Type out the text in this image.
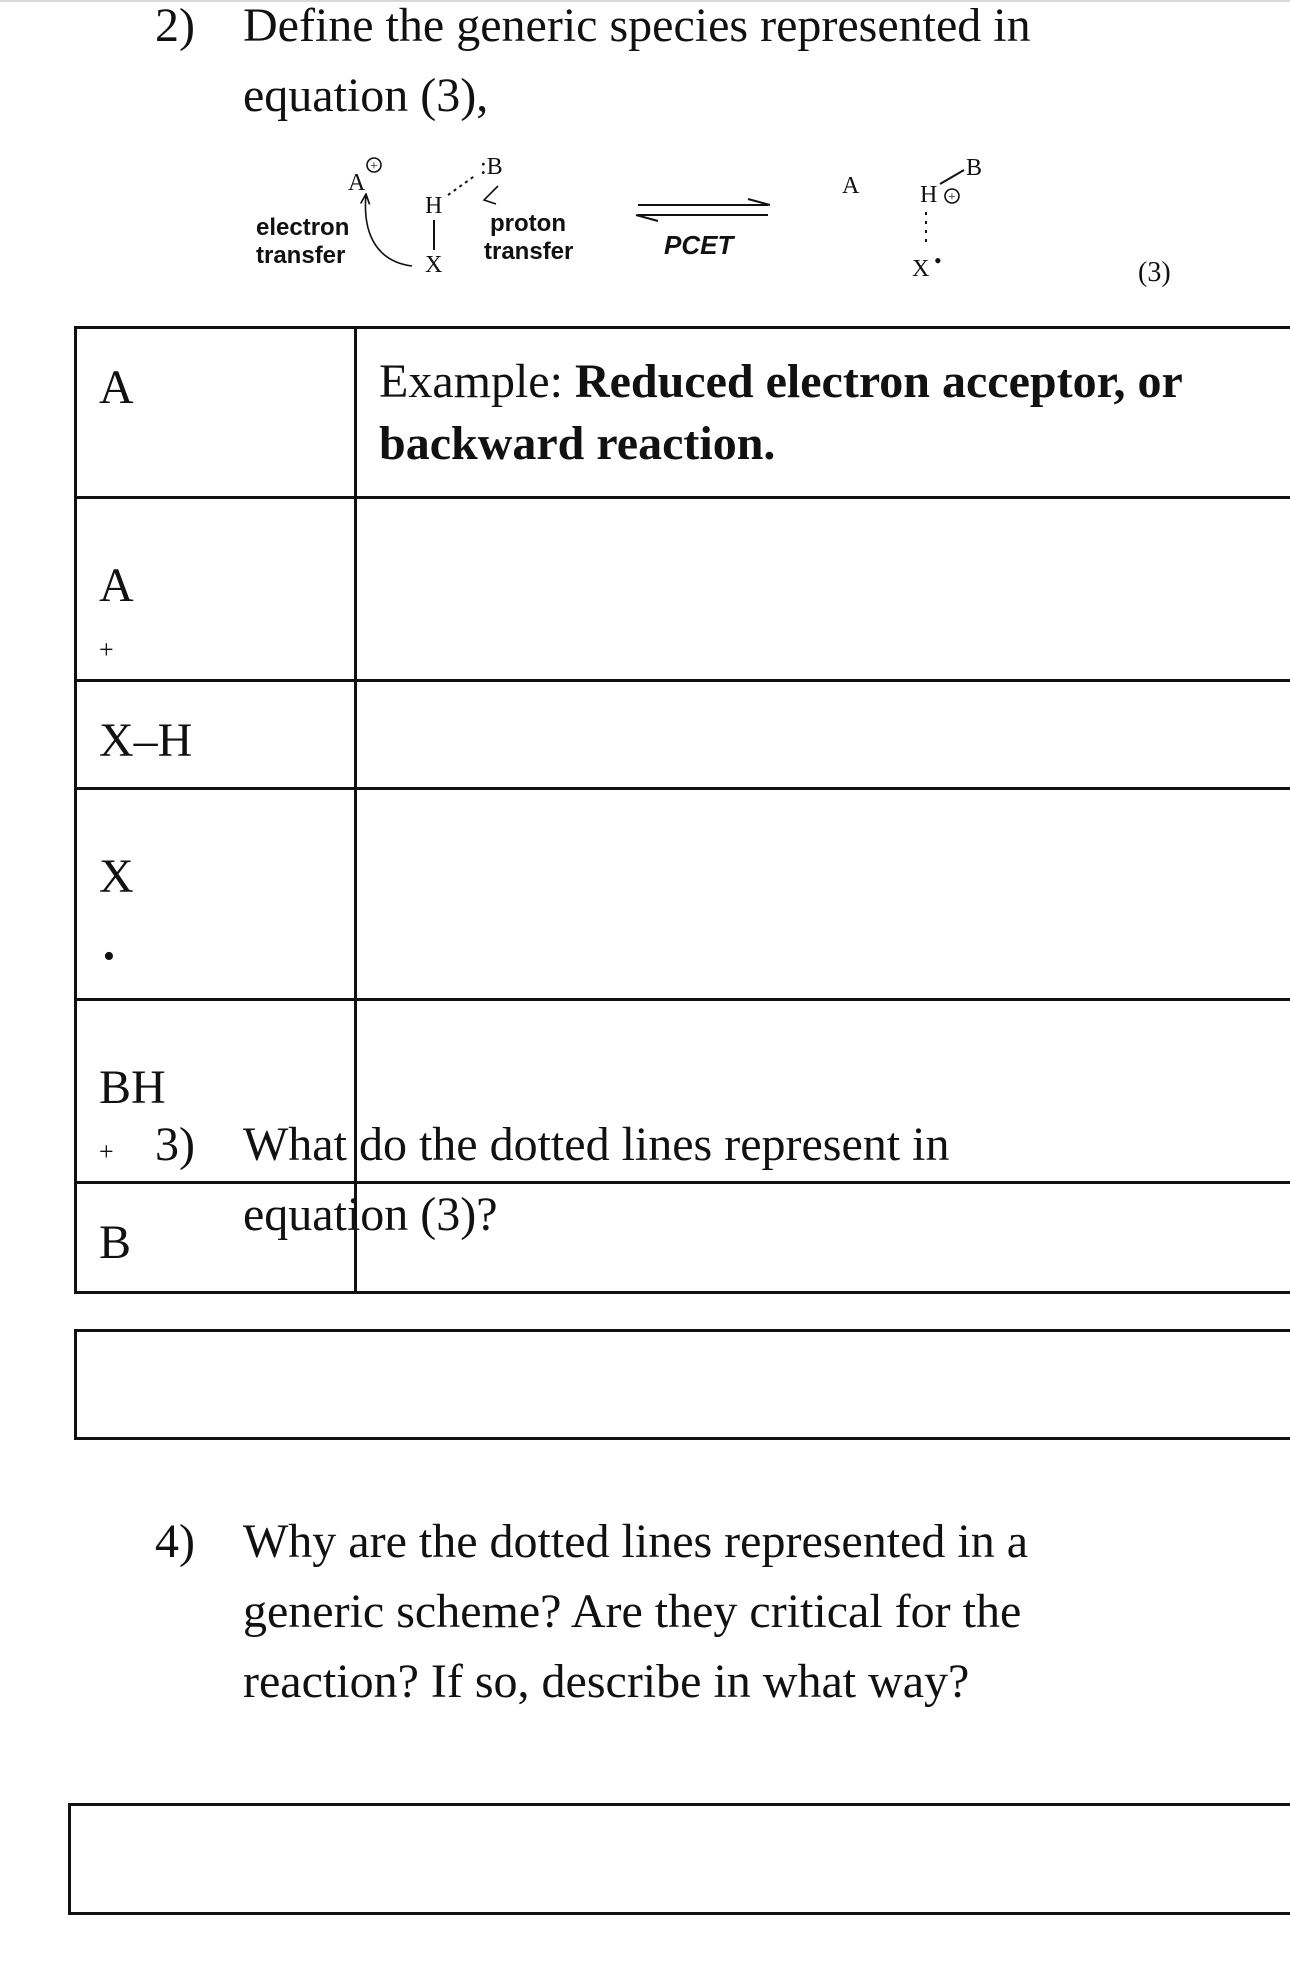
2)	Define the generic species represented in
equation (3),
A
+
electron
transfer
H
X
:B
proton
transfer	PCET
A	H +
B
X •	(3)
A	Example: Reduced electron acceptor, or backward reaction.

A
+

X–H	

X
•	

BH
+

B	

3)	What do the dotted lines represent in
equation (3)?
4)	Why are the dotted lines represented in a
generic scheme? Are they critical for the
reaction? If so, describe in what way?
